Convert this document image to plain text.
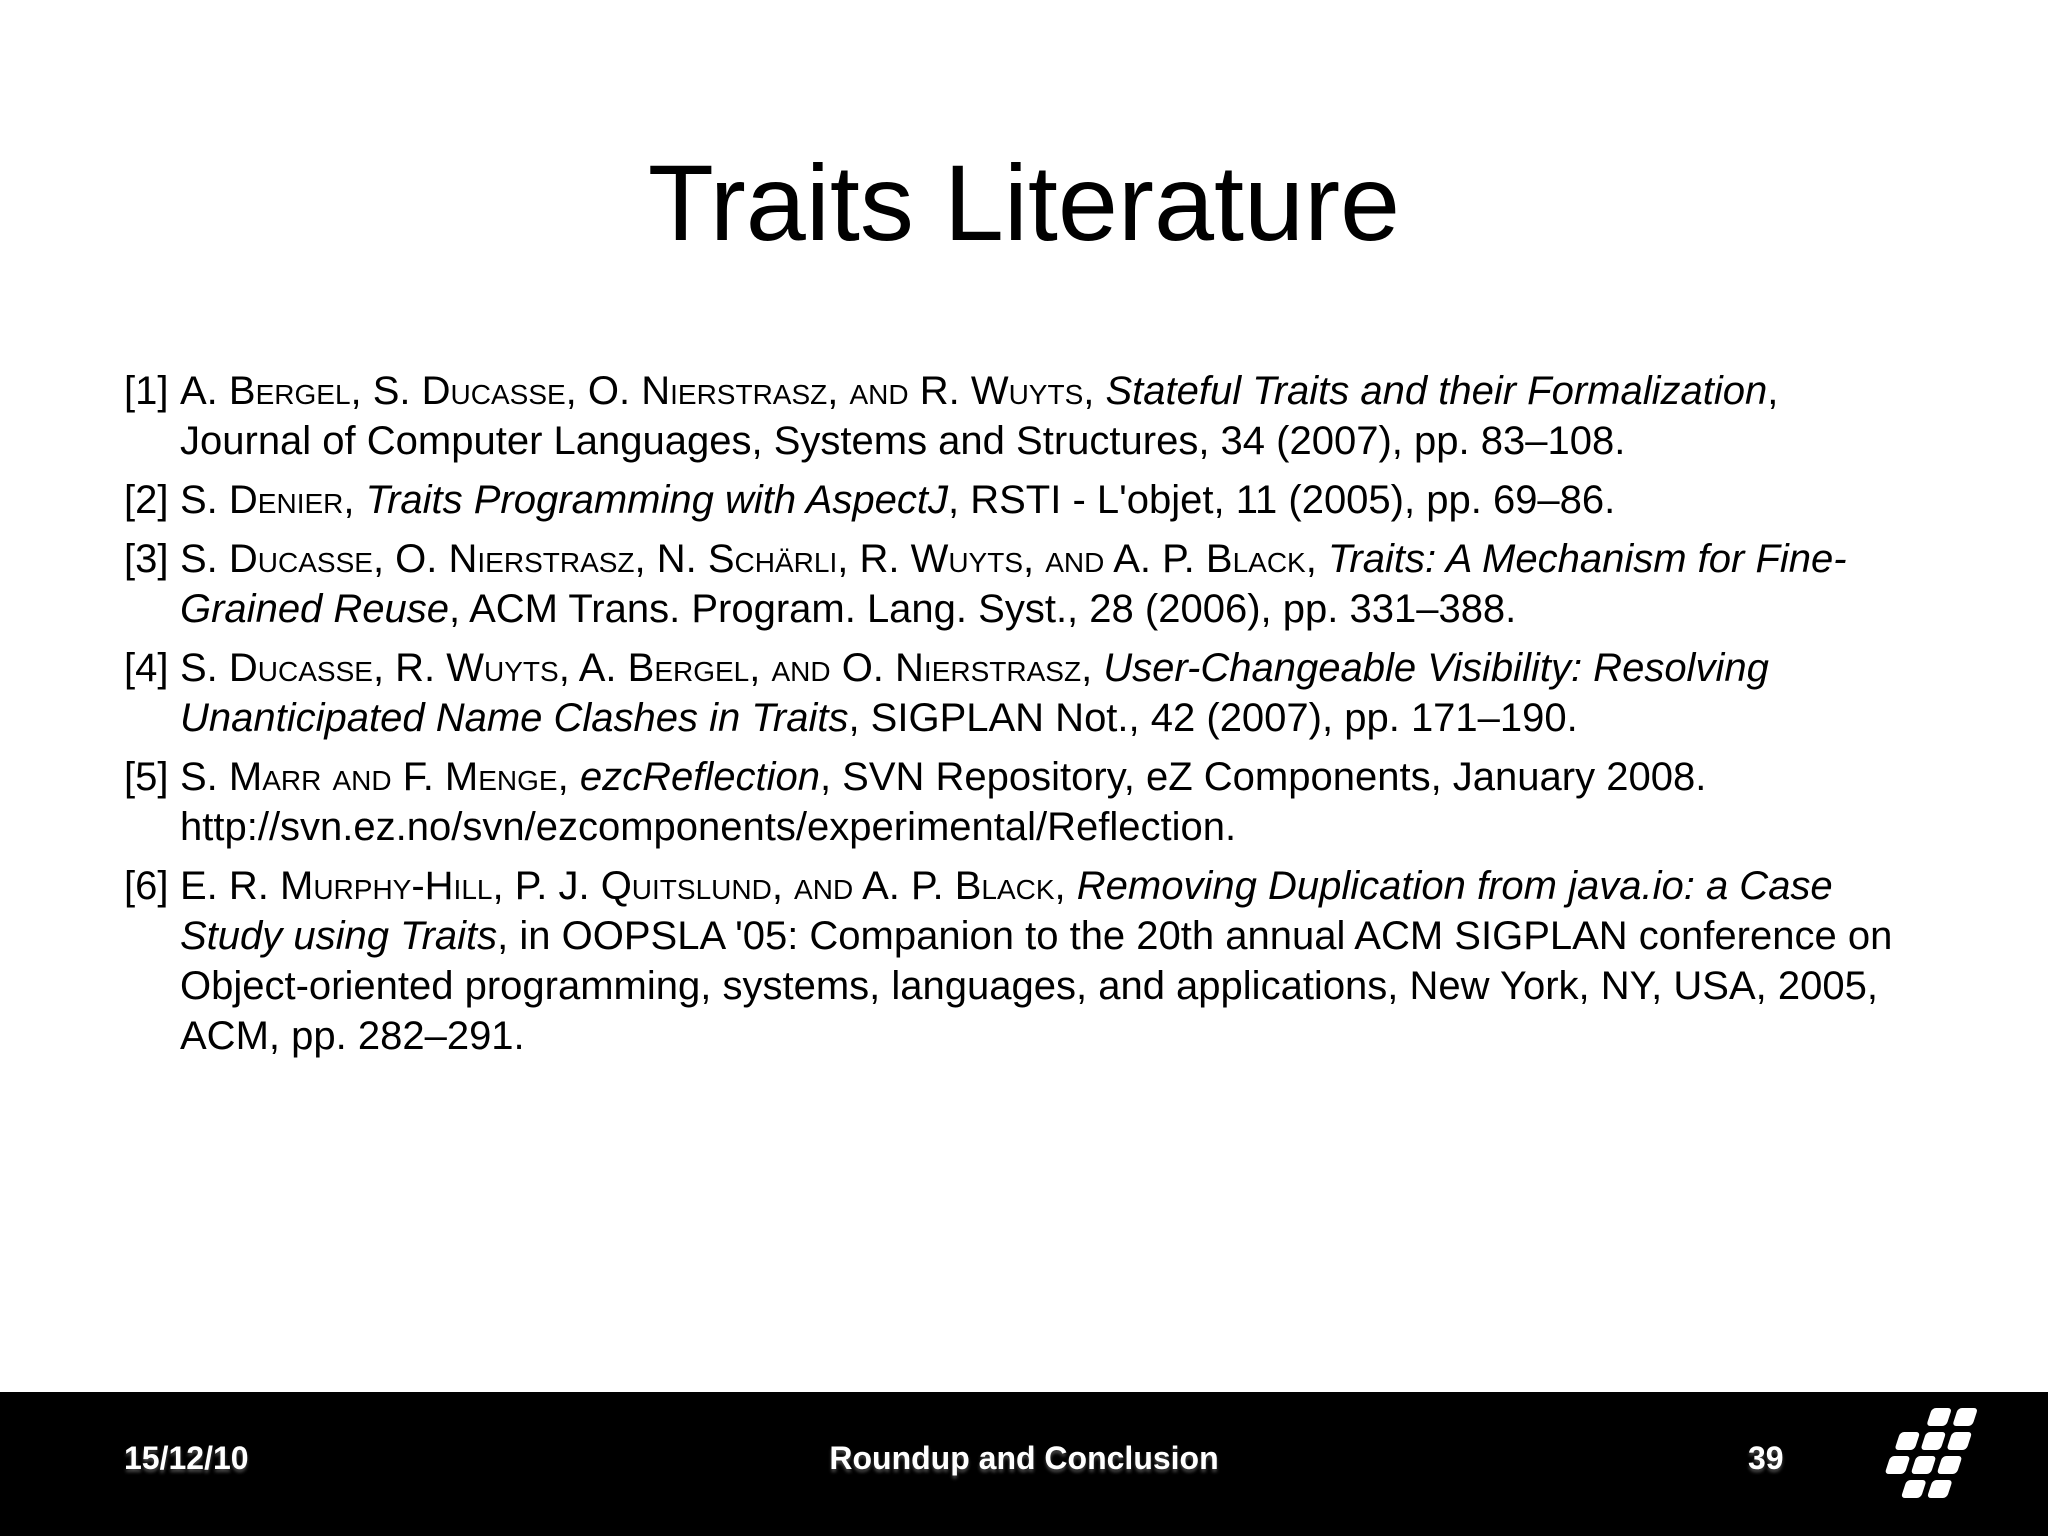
Traits Literature
[1] A. Bergel, S. Ducasse, O. Nierstrasz, and R. Wuyts, Stateful Traits and their Formalization, Journal of Computer Languages, Systems and Structures, 34 (2007), pp. 83–108.
[2] S. Denier, Traits Programming with AspectJ, RSTI - L'objet, 11 (2005), pp. 69–86.
[3] S. Ducasse, O. Nierstrasz, N. Schärli, R. Wuyts, and A. P. Black, Traits: A Mechanism for Fine-Grained Reuse, ACM Trans. Program. Lang. Syst., 28 (2006), pp. 331–388.
[4] S. Ducasse, R. Wuyts, A. Bergel, and O. Nierstrasz, User-Changeable Visibility: Resolving Unanticipated Name Clashes in Traits, SIGPLAN Not., 42 (2007), pp. 171–190.
[5] S. Marr and F. Menge, ezcReflection, SVN Repository, eZ Components, January 2008. http://svn.ez.no/svn/ezcomponents/experimental/Reflection.
[6] E. R. Murphy-Hill, P. J. Quitslund, and A. P. Black, Removing Duplication from java.io: a Case Study using Traits, in OOPSLA '05: Companion to the 20th annual ACM SIGPLAN conference on Object-oriented programming, systems, languages, and applications, New York, NY, USA, 2005, ACM, pp. 282–291.
15/12/10	Roundup and Conclusion	39
